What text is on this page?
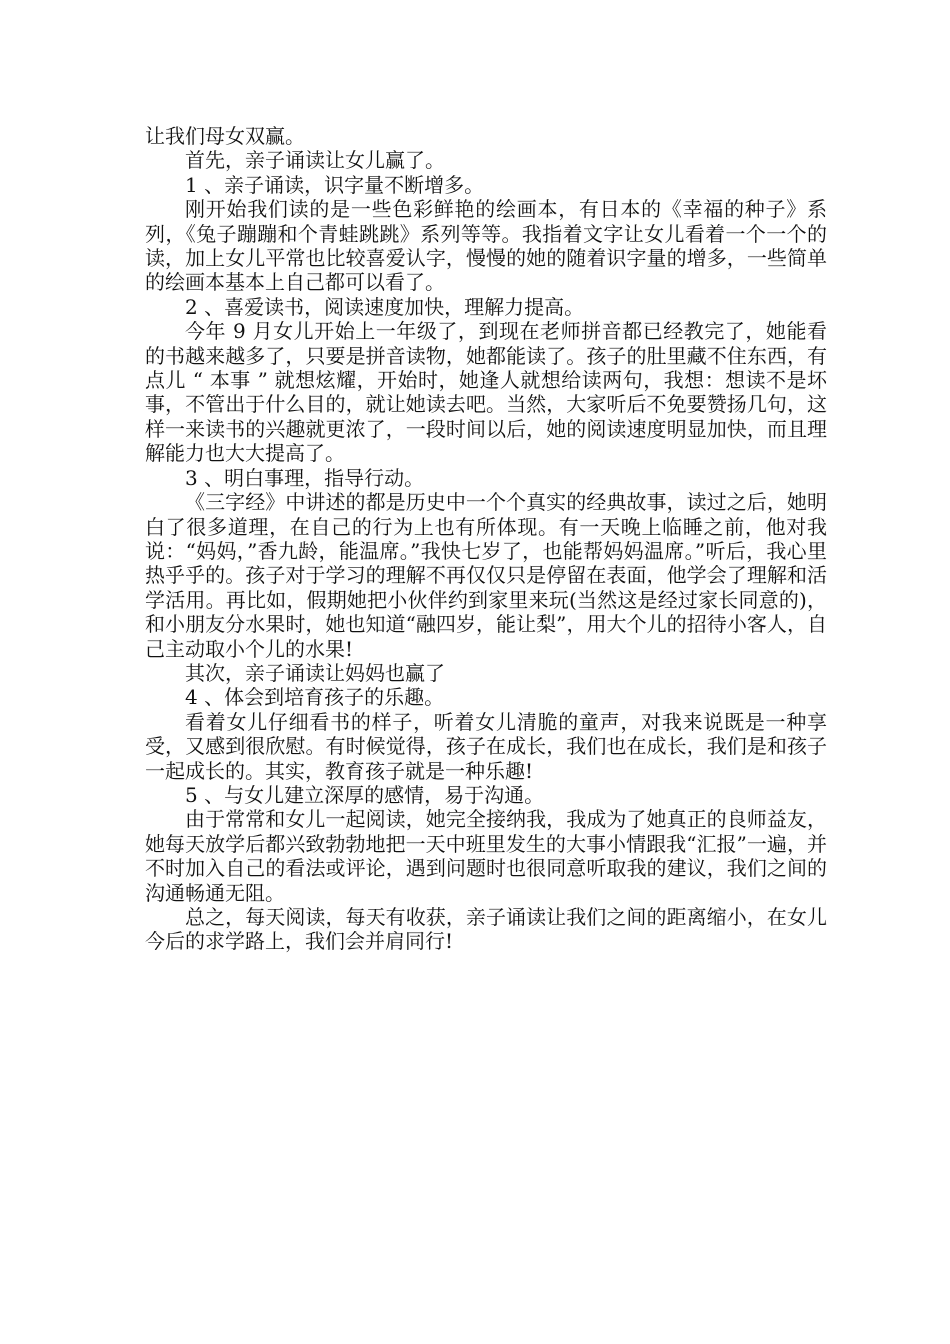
让我们母女双赢。

首先，亲子诵读让女儿赢了。

1 、亲子诵读，识字量不断增多。

刚开始我们读的是一些色彩鲜艳的绘画本，有日本的《幸福的种子》系列，《兔子蹦蹦和个青蛙跳跳》系列等等。我指着文字让女儿看着一个一个的读，加上女儿平常也比较喜爱认字，慢慢的她的随着识字量的增多，一些简单的绘画本基本上自己都可以看了。

2 、喜爱读书，阅读速度加快，理解力提高。

今年 9 月女儿开始上一年级了，到现在老师拼音都已经教完了，她能看的书越来越多了，只要是拼音读物，她都能读了。孩子的肚里藏不住东西，有点儿 “ 本事 ” 就想炫耀，开始时，她逢人就想给读两句，我想：想读不是坏事，不管出于什么目的，就让她读去吧。当然，大家听后不免要赞扬几句，这样一来读书的兴趣就更浓了，一段时间以后，她的阅读速度明显加快，而且理解能力也大大提高了。

3 、明白事理，指导行动。

《三字经》中讲述的都是历史中一个个真实的经典故事，读过之后，她明白了很多道理，在自己的行为上也有所体现。有一天晚上临睡之前，他对我说：“妈妈，”香九龄，能温席。”我快七岁了，也能帮妈妈温席。”听后，我心里热乎乎的。孩子对于学习的理解不再仅仅只是停留在表面，他学会了理解和活学活用。再比如，假期她把小伙伴约到家里来玩(当然这是经过家长同意的)，和小朋友分水果时，她也知道“融四岁，能让梨”，用大个儿的招待小客人，自己主动取小个儿的水果!

其次，亲子诵读让妈妈也赢了

4 、体会到培育孩子的乐趣。

看着女儿仔细看书的样子，听着女儿清脆的童声，对我来说既是一种享受，又感到很欣慰。有时候觉得，孩子在成长，我们也在成长，我们是和孩子一起成长的。其实，教育孩子就是一种乐趣!

5 、与女儿建立深厚的感情，易于沟通。

由于常常和女儿一起阅读，她完全接纳我，我成为了她真正的良师益友，她每天放学后都兴致勃勃地把一天中班里发生的大事小情跟我“汇报”一遍，并不时加入自己的看法或评论，遇到问题时也很同意听取我的建议，我们之间的沟通畅通无阻。

总之，每天阅读，每天有收获，亲子诵读让我们之间的距离缩小，在女儿今后的求学路上，我们会并肩同行!
